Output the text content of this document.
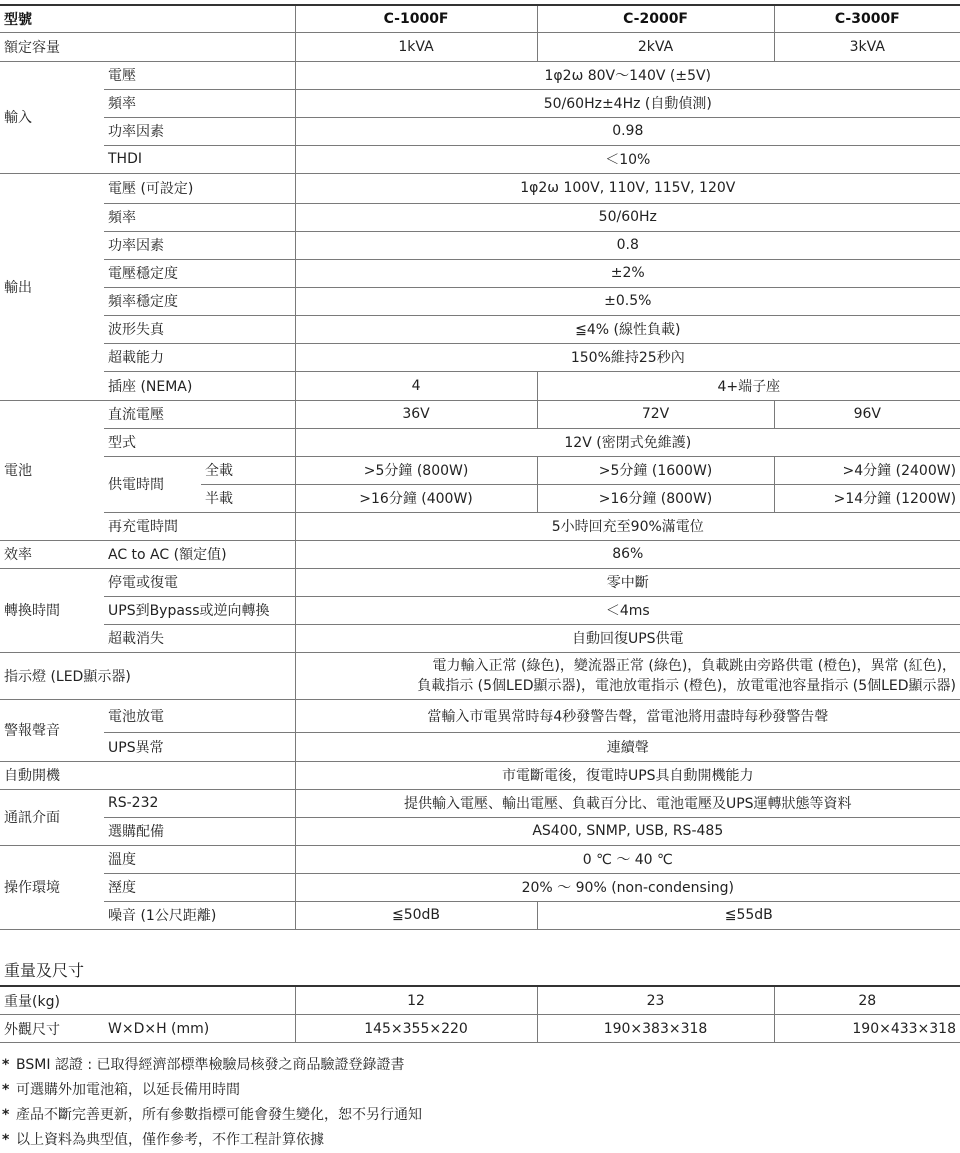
型號			C-1000F	C-2000F	C-3000F
額定容量			1kVA	2kVA	3kVA
輸入	電壓		1φ2ω 80V～140V (±5V)		
	頻率		50/60Hz±4Hz (自動偵測)		
	功率因素		0.98		
	THDI		＜10%		
輸出	電壓 (可設定)		1φ2ω 100V, 110V, 115V, 120V		
	頻率		50/60Hz		
	功率因素		0.8		
	電壓穩定度		±2%		
	頻率穩定度		±0.5%		
	波形失真		≦4% (線性負載)		
	超載能力		150%維持25秒內		
	插座 (NEMA)		4	4+端子座	
電池	直流電壓		36V	72V	96V
	型式		12V (密閉式免維護)		
	供電時間	全載	>5分鐘 (800W)	>5分鐘 (1600W)	>4分鐘 (2400W)
		半載	>16分鐘 (400W)	>16分鐘 (800W)	>14分鐘 (1200W)
	再充電時間		5小時回充至90%滿電位		
效率	AC to AC (額定值)		86%		
轉換時間	停電或復電		零中斷		
	UPS到Bypass或逆向轉換		＜4ms		
	超載消失		自動回復UPS供電		
指示燈 (LED顯示器)			電力輸入正常 (綠色)，變流器正常 (綠色)，負載跳由旁路供電 (橙色)，異常 (紅色)，
負載指示 (5個LED顯示器)，電池放電指示 (橙色)，放電電池容量指示 (5個LED顯示器)		

警報聲音	電池放電		當輸入市電異常時每4秒發警告聲，當電池將用盡時每秒發警告聲		
	UPS異常		連續聲		
自動開機			市電斷電後，復電時UPS具自動開機能力		
通訊介面	RS-232		提供輸入電壓、輸出電壓、負載百分比、電池電壓及UPS運轉狀態等資料		
	選購配備		AS400, SNMP, USB, RS-485		
操作環境	溫度		0 ℃ ～ 40 ℃		
	溼度		20% ～ 90% (non-condensing)		
	噪音 (1公尺距離)		≦50dB	≦55dB	
重量及尺寸
重量(kg)		12	23	28
外觀尺寸	W×D×H (mm)	145×355×220	190×383×318	190×433×318
* BSMI 認證 : 已取得經濟部標準檢驗局核發之商品驗證登錄證書
* 可選購外加電池箱，以延長備用時間
* 產品不斷完善更新，所有參數指標可能會發生變化，恕不另行通知
* 以上資料為典型值，僅作參考，不作工程計算依據
